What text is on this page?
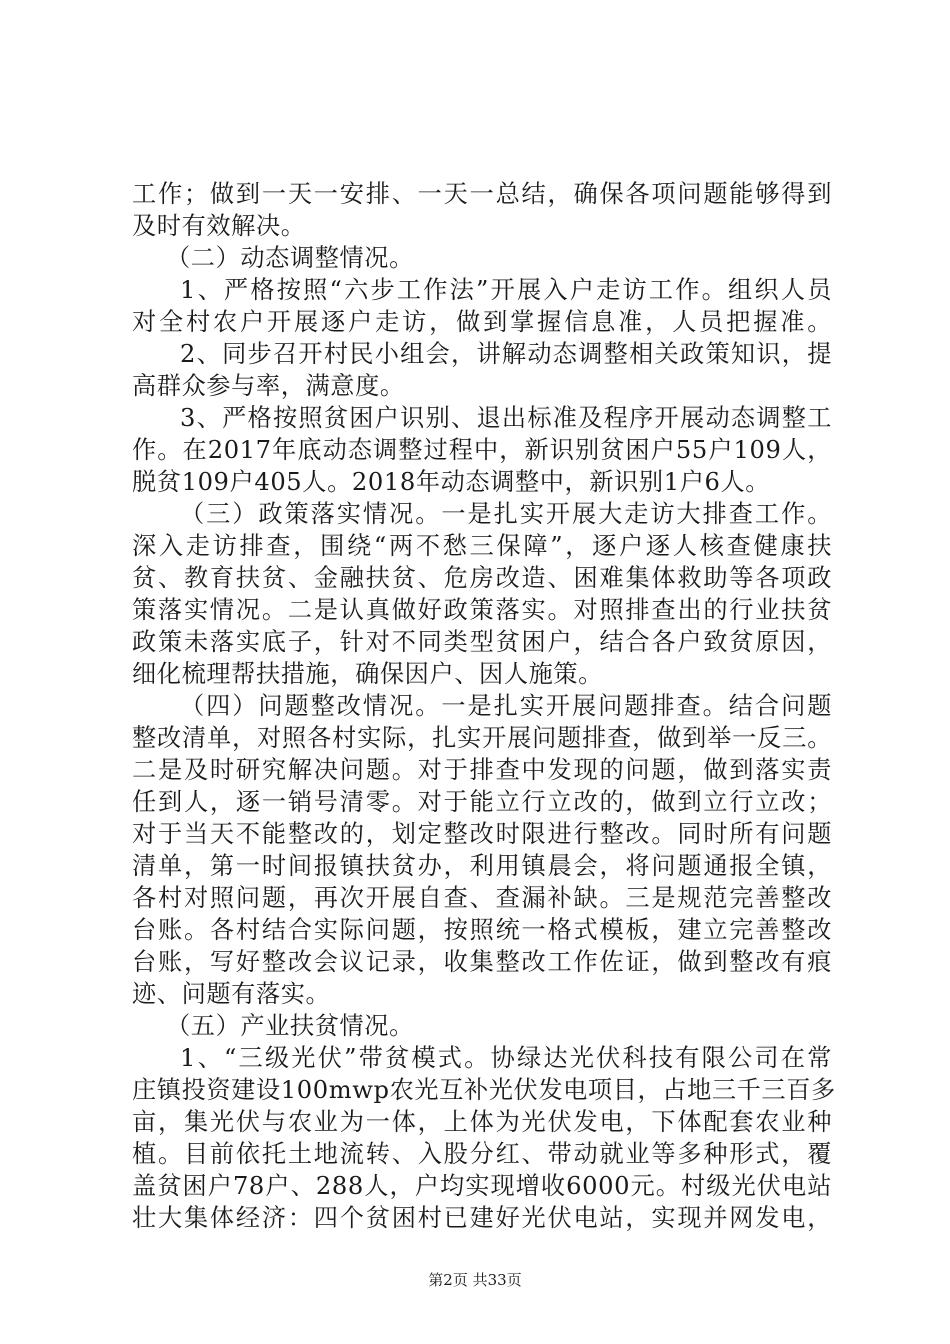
工作；做到一天一安排、一天一总结，确保各项问题能够得到
及时有效解决。
（二）动态调整情况。
1、严格按照“六步工作法”开展入户走访工作。组织人员
对全村农户开展逐户走访，做到掌握信息准，人员把握准。
2、同步召开村民小组会，讲解动态调整相关政策知识，提
高群众参与率，满意度。
3、严格按照贫困户识别、退出标准及程序开展动态调整工
作。在2017年底动态调整过程中，新识别贫困户55户109人，
脱贫109户405人。2018年动态调整中，新识别1户6人。
（三）政策落实情况。一是扎实开展大走访大排查工作。
深入走访排查，围绕“两不愁三保障”，逐户逐人核查健康扶
贫、教育扶贫、金融扶贫、危房改造、困难集体救助等各项政
策落实情况。二是认真做好政策落实。对照排查出的行业扶贫
政策未落实底子，针对不同类型贫困户，结合各户致贫原因，
细化梳理帮扶措施，确保因户、因人施策。
（四）问题整改情况。一是扎实开展问题排查。结合问题
整改清单，对照各村实际，扎实开展问题排查，做到举一反三。
二是及时研究解决问题。对于排查中发现的问题，做到落实责
任到人，逐一销号清零。对于能立行立改的，做到立行立改；
对于当天不能整改的，划定整改时限进行整改。同时所有问题
清单，第一时间报镇扶贫办，利用镇晨会，将问题通报全镇，
各村对照问题，再次开展自查、查漏补缺。三是规范完善整改
台账。各村结合实际问题，按照统一格式模板，建立完善整改
台账，写好整改会议记录，收集整改工作佐证，做到整改有痕
迹、问题有落实。
（五）产业扶贫情况。
1、“三级光伏”带贫模式。协绿达光伏科技有限公司在常
庄镇投资建设100mwp农光互补光伏发电项目，占地三千三百多
亩，集光伏与农业为一体，上体为光伏发电，下体配套农业种
植。目前依托土地流转、入股分红、带动就业等多种形式，覆
盖贫困户78户、288人，户均实现增收6000元。村级光伏电站
壮大集体经济：四个贫困村已建好光伏电站，实现并网发电，
第2页 共33页
